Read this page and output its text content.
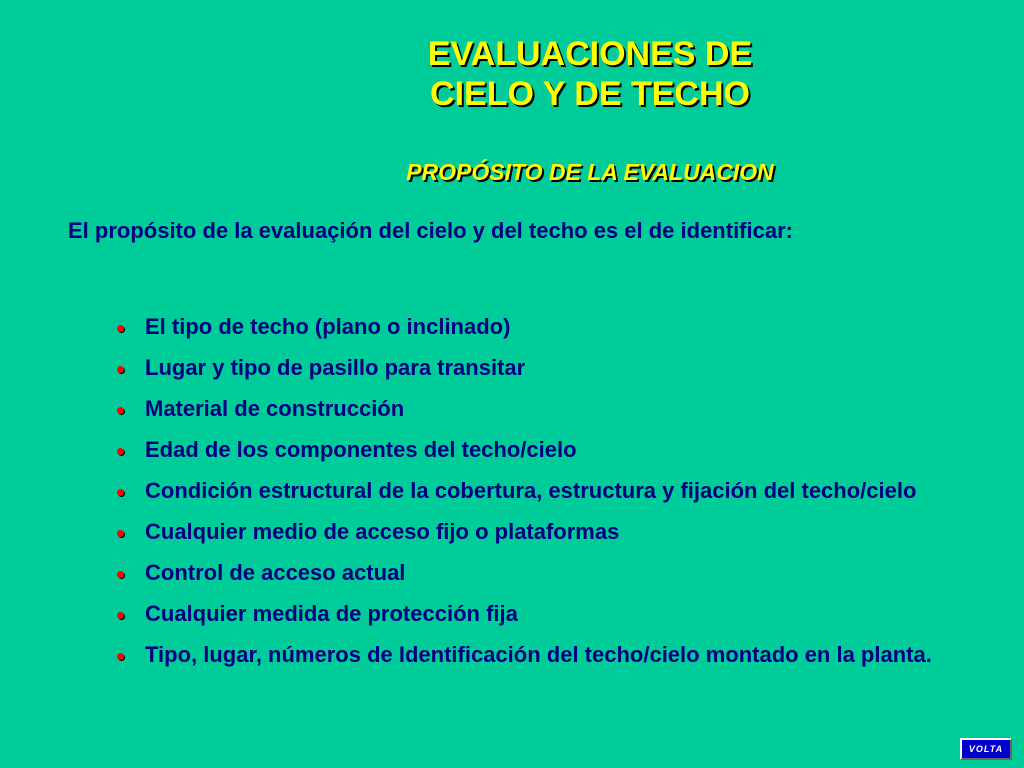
EVALUACIONES DE
CIELO Y DE TECHO
PROPÓSITO DE LA EVALUACION

El propósito de la evaluaçión del cielo y del techo es el de identificar:

El tipo de techo (plano o inclinado)
Lugar y tipo de pasillo para transitar
Material de construcción
Edad de los componentes del techo/cielo
Condición estructural de la cobertura, estructura y fijación del techo/cielo
Cualquier medio de acceso fijo o plataformas
Control de acceso actual
Cualquier medida de protección fija
Tipo, lugar, números de Identificación del techo/cielo montado en la planta.
VOLTA
